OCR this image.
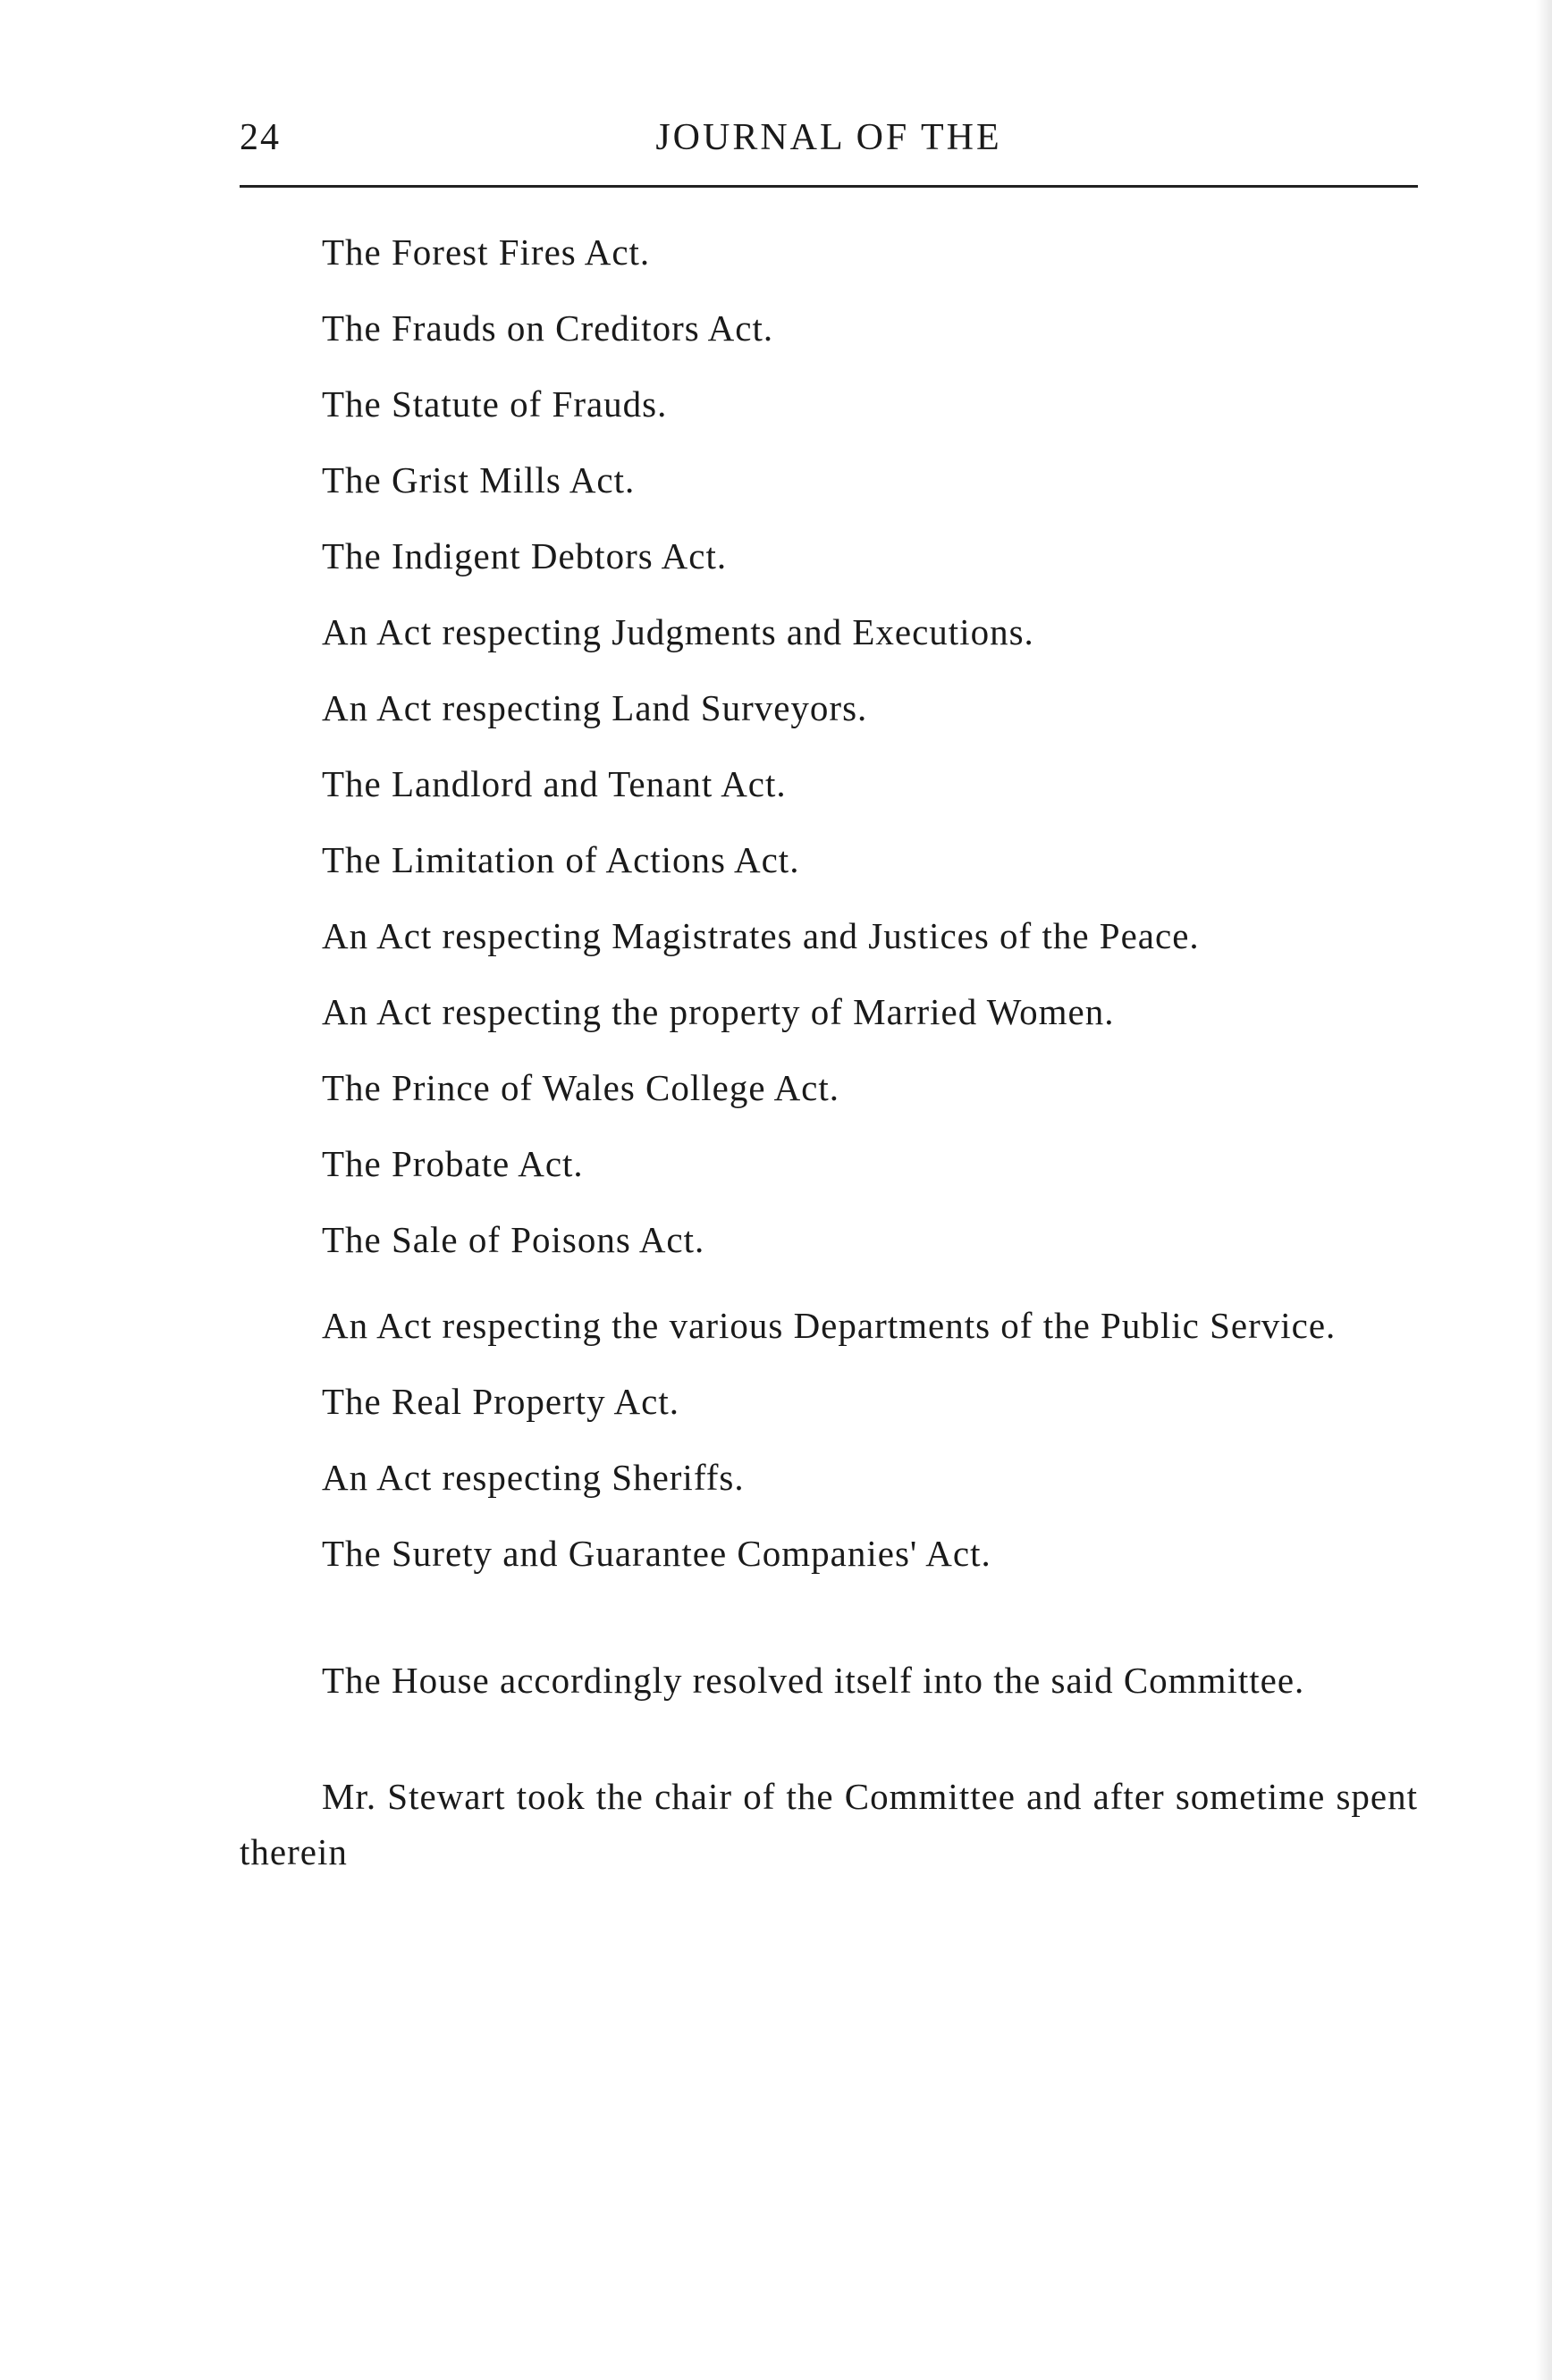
24	JOURNAL OF THE

The Forest Fires Act.

The Frauds on Creditors Act.

The Statute of Frauds.

The Grist Mills Act.

The Indigent Debtors Act.

An Act respecting Judgments and Executions.

An Act respecting Land Surveyors.

The Landlord and Tenant Act.

The Limitation of Actions Act.

An Act respecting Magistrates and Justices of the Peace.

An Act respecting the property of Married Women.

The Prince of Wales College Act.

The Probate Act.

The Sale of Poisons Act.

An Act respecting the various Departments of the Public Service.

The Real Property Act.

An Act respecting Sheriffs.

The Surety and Guarantee Companies' Act.

The House accordingly resolved itself into the said Committee.

Mr. Stewart took the chair of the Committee and after sometime spent therein
